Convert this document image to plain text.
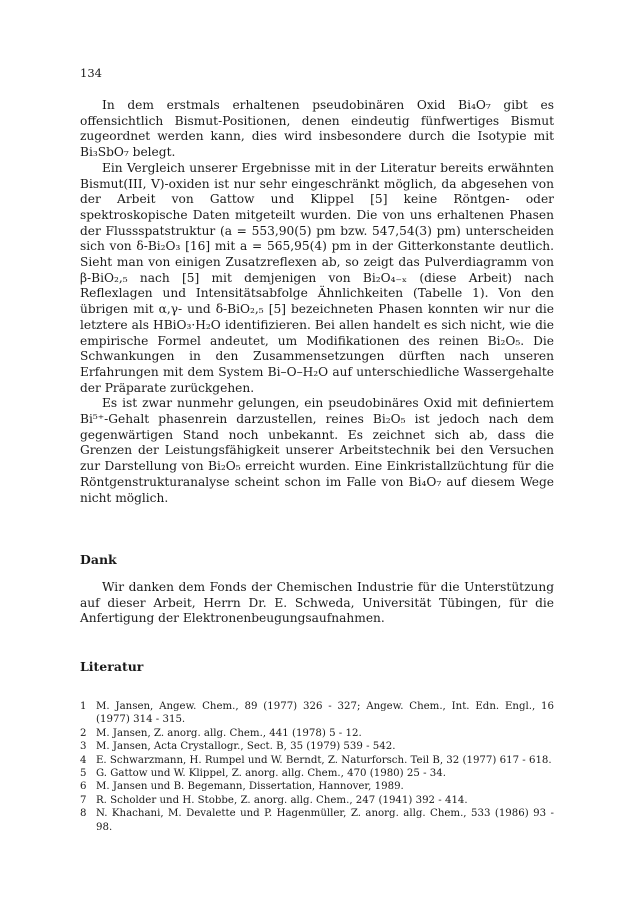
134

In dem erstmals erhaltenen pseudobinären Oxid Bi₄O₇ gibt es offensichtlich Bismut-Positionen, denen eindeutig fünfwertiges Bismut zugeordnet werden kann, dies wird insbesondere durch die Isotypie mit Bi₃SbO₇ belegt.

Ein Vergleich unserer Ergebnisse mit in der Literatur bereits erwähnten Bismut(III, V)-oxiden ist nur sehr eingeschränkt möglich, da abgesehen von der Arbeit von Gattow und Klippel [5] keine Röntgen- oder spektroskopische Daten mitgeteilt wurden. Die von uns erhaltenen Phasen der Flussspatstruktur (a = 553,90(5) pm bzw. 547,54(3) pm) unterscheiden sich von δ-Bi₂O₃ [16] mit a = 565,95(4) pm in der Gitterkonstante deutlich. Sieht man von einigen Zusatzreflexen ab, so zeigt das Pulverdiagramm von β-BiO₂,₅ nach [5] mit demjenigen von Bi₂O₄₋ₓ (diese Arbeit) nach Reflexlagen und Intensitätsabfolge Ähnlichkeiten (Tabelle 1). Von den übrigen mit α,γ- und δ-BiO₂,₅ [5] bezeichneten Phasen konnten wir nur die letztere als HBiO₃·H₂O identifizieren. Bei allen handelt es sich nicht, wie die empirische Formel andeutet, um Modifikationen des reinen Bi₂O₅. Die Schwankungen in den Zusammensetzungen dürften nach unseren Erfahrungen mit dem System Bi–O–H₂O auf unterschiedliche Wassergehalte der Präparate zurückgehen.

Es ist zwar nunmehr gelungen, ein pseudobinäres Oxid mit definiertem Bi⁵⁺-Gehalt phasenrein darzustellen, reines Bi₂O₅ ist jedoch nach dem gegenwärtigen Stand noch unbekannt. Es zeichnet sich ab, dass die Grenzen der Leistungsfähigkeit unserer Arbeitstechnik bei den Versuchen zur Darstellung von Bi₂O₅ erreicht wurden. Eine Einkristallzüchtung für die Röntgenstrukturanalyse scheint schon im Falle von Bi₄O₇ auf diesem Wege nicht möglich.

Dank
Wir danken dem Fonds der Chemischen Industrie für die Unterstützung auf dieser Arbeit, Herrn Dr. E. Schweda, Universität Tübingen, für die Anfertigung der Elektronenbeugungsaufnahmen.
Literatur
1 M. Jansen, Angew. Chem., 89 (1977) 326 - 327; Angew. Chem., Int. Edn. Engl., 16 (1977) 314 - 315.
2 M. Jansen, Z. anorg. allg. Chem., 441 (1978) 5 - 12.
3 M. Jansen, Acta Crystallogr., Sect. B, 35 (1979) 539 - 542.
4 E. Schwarzmann, H. Rumpel und W. Berndt, Z. Naturforsch. Teil B, 32 (1977) 617 - 618.
5 G. Gattow und W. Klippel, Z. anorg. allg. Chem., 470 (1980) 25 - 34.
6 M. Jansen und B. Begemann, Dissertation, Hannover, 1989.
7 R. Scholder und H. Stobbe, Z. anorg. allg. Chem., 247 (1941) 392 - 414.
8 N. Khachani, M. Devalette und P. Hagenmüller, Z. anorg. allg. Chem., 533 (1986) 93 - 98.
